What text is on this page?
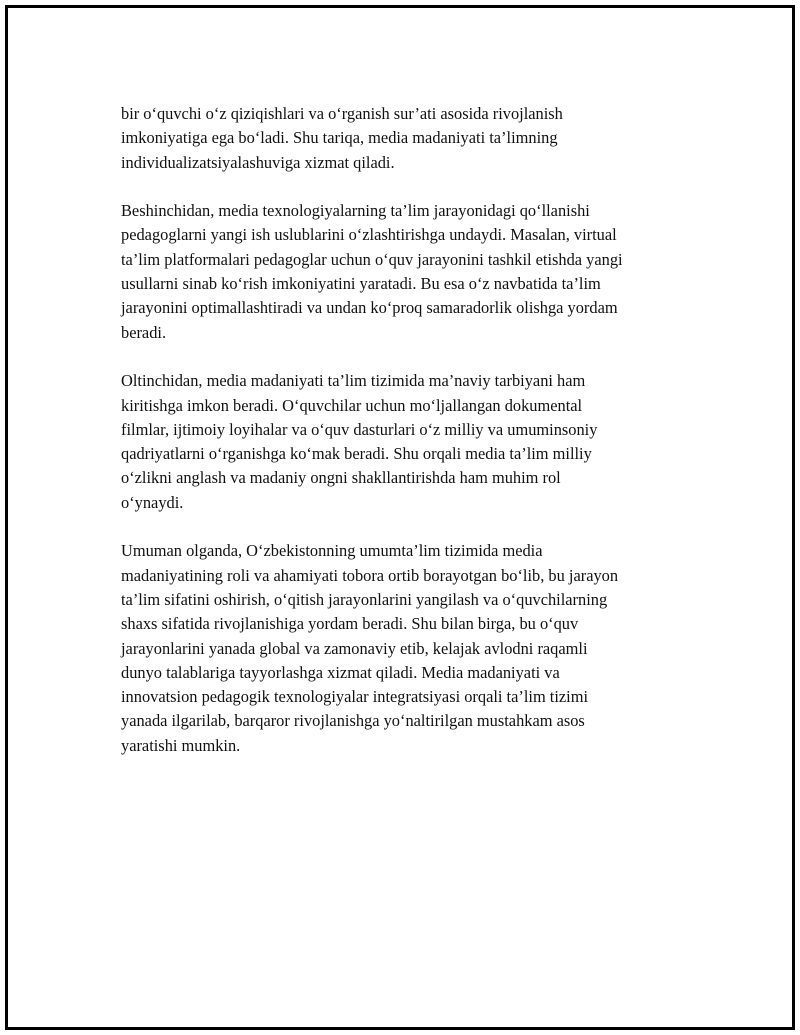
bir o‘quvchi o‘z qiziqishlari va o‘rganish sur’ati asosida rivojlanish
imkoniyatiga ega bo‘ladi. Shu tariqa, media madaniyati ta’limning
individualizatsiyalashuviga xizmat qiladi.

Beshinchidan, media texnologiyalarning ta’lim jarayonidagi qo‘llanishi
pedagoglarni yangi ish uslublarini o‘zlashtirishga undaydi. Masalan, virtual
ta’lim platformalari pedagoglar uchun o‘quv jarayonini tashkil etishda yangi
usullarni sinab ko‘rish imkoniyatini yaratadi. Bu esa o‘z navbatida ta’lim
jarayonini optimallashtiradi va undan ko‘proq samaradorlik olishga yordam
beradi.

Oltinchidan, media madaniyati ta’lim tizimida ma’naviy tarbiyani ham
kiritishga imkon beradi. O‘quvchilar uchun mo‘ljallangan dokumental
filmlar, ijtimoiy loyihalar va o‘quv dasturlari o‘z milliy va umuminsoniy
qadriyatlarni o‘rganishga ko‘mak beradi. Shu orqali media ta’lim milliy
o‘zlikni anglash va madaniy ongni shakllantirishda ham muhim rol
o‘ynaydi.

Umuman olganda, O‘zbekistonning umumta’lim tizimida media
madaniyatining roli va ahamiyati tobora ortib borayotgan bo‘lib, bu jarayon
ta’lim sifatini oshirish, o‘qitish jarayonlarini yangilash va o‘quvchilarning
shaxs sifatida rivojlanishiga yordam beradi. Shu bilan birga, bu o‘quv
jarayonlarini yanada global va zamonaviy etib, kelajak avlodni raqamli
dunyo talablariga tayyorlashga xizmat qiladi. Media madaniyati va
innovatsion pedagogik texnologiyalar integratsiyasi orqali ta’lim tizimi
yanada ilgarilab, barqaror rivojlanishga yo‘naltirilgan mustahkam asos
yaratishi mumkin.
